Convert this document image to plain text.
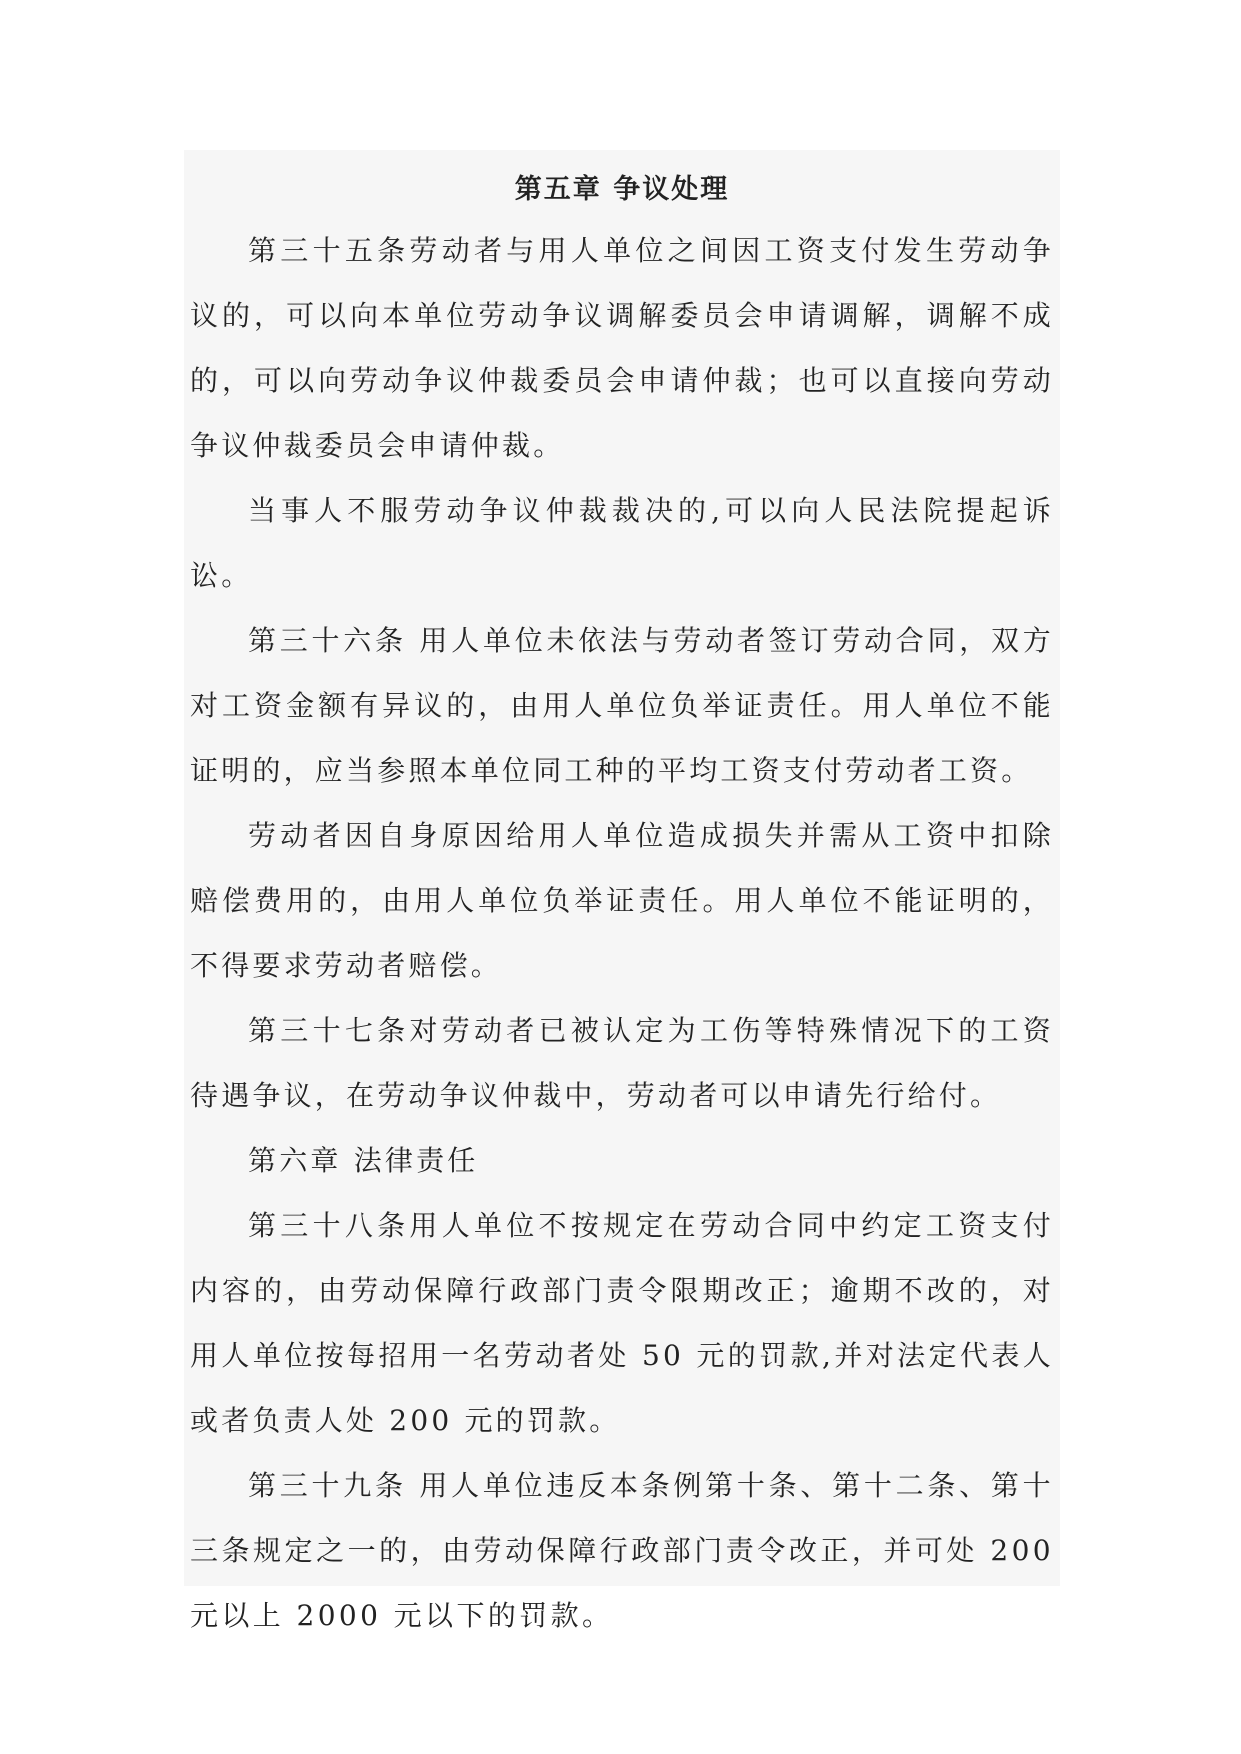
第五章 争议处理

第三十五条劳动者与用人单位之间因工资支付发生劳动争议的，可以向本单位劳动争议调解委员会申请调解，调解不成的，可以向劳动争议仲裁委员会申请仲裁；也可以直接向劳动争议仲裁委员会申请仲裁。

当事人不服劳动争议仲裁裁决的,可以向人民法院提起诉讼。

第三十六条 用人单位未依法与劳动者签订劳动合同，双方对工资金额有异议的，由用人单位负举证责任。用人单位不能证明的，应当参照本单位同工种的平均工资支付劳动者工资。

劳动者因自身原因给用人单位造成损失并需从工资中扣除赔偿费用的，由用人单位负举证责任。用人单位不能证明的，不得要求劳动者赔偿。

第三十七条对劳动者已被认定为工伤等特殊情况下的工资待遇争议，在劳动争议仲裁中，劳动者可以申请先行给付。

第六章 法律责任

第三十八条用人单位不按规定在劳动合同中约定工资支付内容的，由劳动保障行政部门责令限期改正；逾期不改的，对用人单位按每招用一名劳动者处 50 元的罚款,并对法定代表人或者负责人处 200 元的罚款。

第三十九条 用人单位违反本条例第十条、第十二条、第十三条规定之一的，由劳动保障行政部门责令改正，并可处 200 元以上 2000 元以下的罚款。
